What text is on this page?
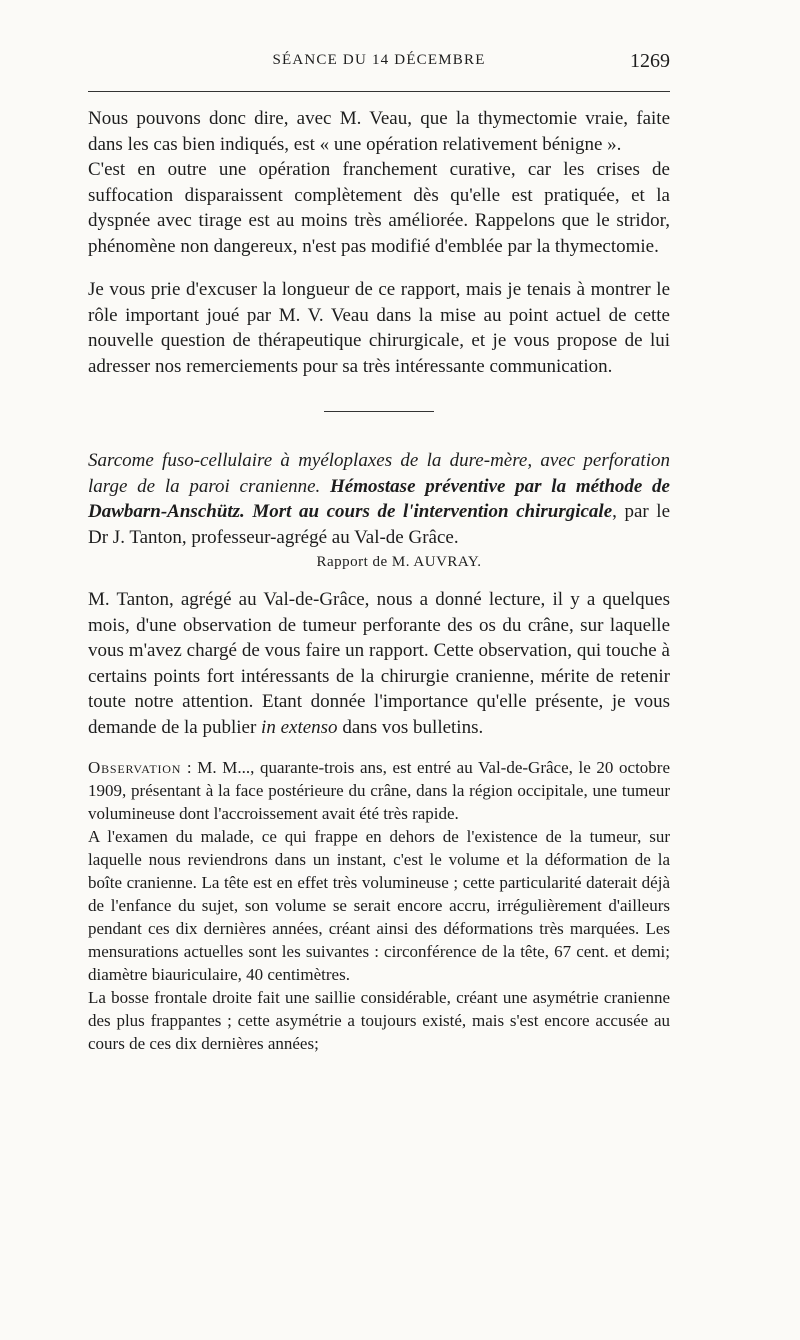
SÉANCE DU 14 DÉCEMBRE	1269

Nous pouvons donc dire, avec M. Veau, que la thymectomie vraie, faite dans les cas bien indiqués, est « une opération relativement bénigne ».

C'est en outre une opération franchement curative, car les crises de suffocation disparaissent complètement dès qu'elle est pratiquée, et la dyspnée avec tirage est au moins très améliorée. Rappelons que le stridor, phénomène non dangereux, n'est pas modifié d'emblée par la thymectomie.

Je vous prie d'excuser la longueur de ce rapport, mais je tenais à montrer le rôle important joué par M. V. Veau dans la mise au point actuel de cette nouvelle question de thérapeutique chirurgicale, et je vous propose de lui adresser nos remerciements pour sa très intéressante communication.

Sarcome fuso-cellulaire à myéloplaxes de la dure-mère, avec perforation large de la paroi cranienne. Hémostase préventive par la méthode de Dawbarn-Anschütz. Mort au cours de l'intervention chirurgicale, par le Dr J. Tanton, professeur-agrégé au Val-de Grâce.

Rapport de M. AUVRAY.

M. Tanton, agrégé au Val-de-Grâce, nous a donné lecture, il y a quelques mois, d'une observation de tumeur perforante des os du crâne, sur laquelle vous m'avez chargé de vous faire un rapport. Cette observation, qui touche à certains points fort intéressants de la chirurgie cranienne, mérite de retenir toute notre attention. Etant donnée l'importance qu'elle présente, je vous demande de la publier in extenso dans vos bulletins.

Observation : M. M..., quarante-trois ans, est entré au Val-de-Grâce, le 20 octobre 1909, présentant à la face postérieure du crâne, dans la région occipitale, une tumeur volumineuse dont l'accroissement avait été très rapide.

A l'examen du malade, ce qui frappe en dehors de l'existence de la tumeur, sur laquelle nous reviendrons dans un instant, c'est le volume et la déformation de la boîte cranienne. La tête est en effet très volumineuse ; cette particularité daterait déjà de l'enfance du sujet, son volume se serait encore accru, irrégulièrement d'ailleurs pendant ces dix dernières années, créant ainsi des déformations très marquées. Les mensurations actuelles sont les suivantes : circonférence de la tête, 67 cent. et demi; diamètre biauriculaire, 40 centimètres.

La bosse frontale droite fait une saillie considérable, créant une asymétrie cranienne des plus frappantes ; cette asymétrie a toujours existé, mais s'est encore accusée au cours de ces dix dernières années;
